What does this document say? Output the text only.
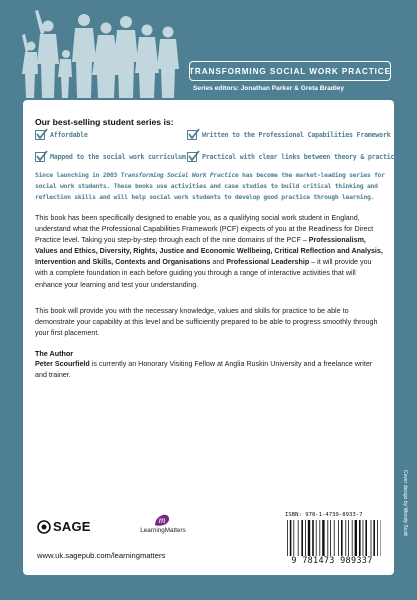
TRANSFORMING SOCIAL WORK PRACTICE
Series editors: Jonathan Parker & Greta Bradley
Our best-selling student series is:
Affordable	Written to the Professional Capabilities Framework
Mapped to the social work curriculum Practical with clear links between theory & practice
Since launching in 2003 Transforming Social Work Practice has become the market-leading series for social work students. These books use activities and case studies to build critical thinking and reflection skills and will help social work students to develop good practice through learning.
This book has been specifically designed to enable you, as a qualifying social work student in England, understand what the Professional Capabilities Framework (PCF) expects of you at the Readiness for Direct Practice level. Taking you step-by-step through each of the nine domains of the PCF – Professionalism, Values and Ethics, Diversity, Rights, Justice and Economic Wellbeing, Critical Reflection and Analysis, Intervention and Skills, Contexts and Organisations and Professional Leadership – it will provide you with a complete foundation in each before guiding you through a range of interactive activities that will enhance your learning and test your understanding.
This book will provide you with the necessary knowledge, values and skills for practice to be able to demonstrate your capability at this level and be sufficiently prepared to be able to progress smoothly through your first placement.
The Author
Peter Scourfield is currently an Honorary Visiting Fellow at Anglia Ruskin University and a freelance writer and trainer.
ISBN: 978-1-4739-8933-7
9 781473 989337
SAGE	m
LearningMatters
www.uk.sagepub.com/learningmatters
Cover design by Wendy Scott
